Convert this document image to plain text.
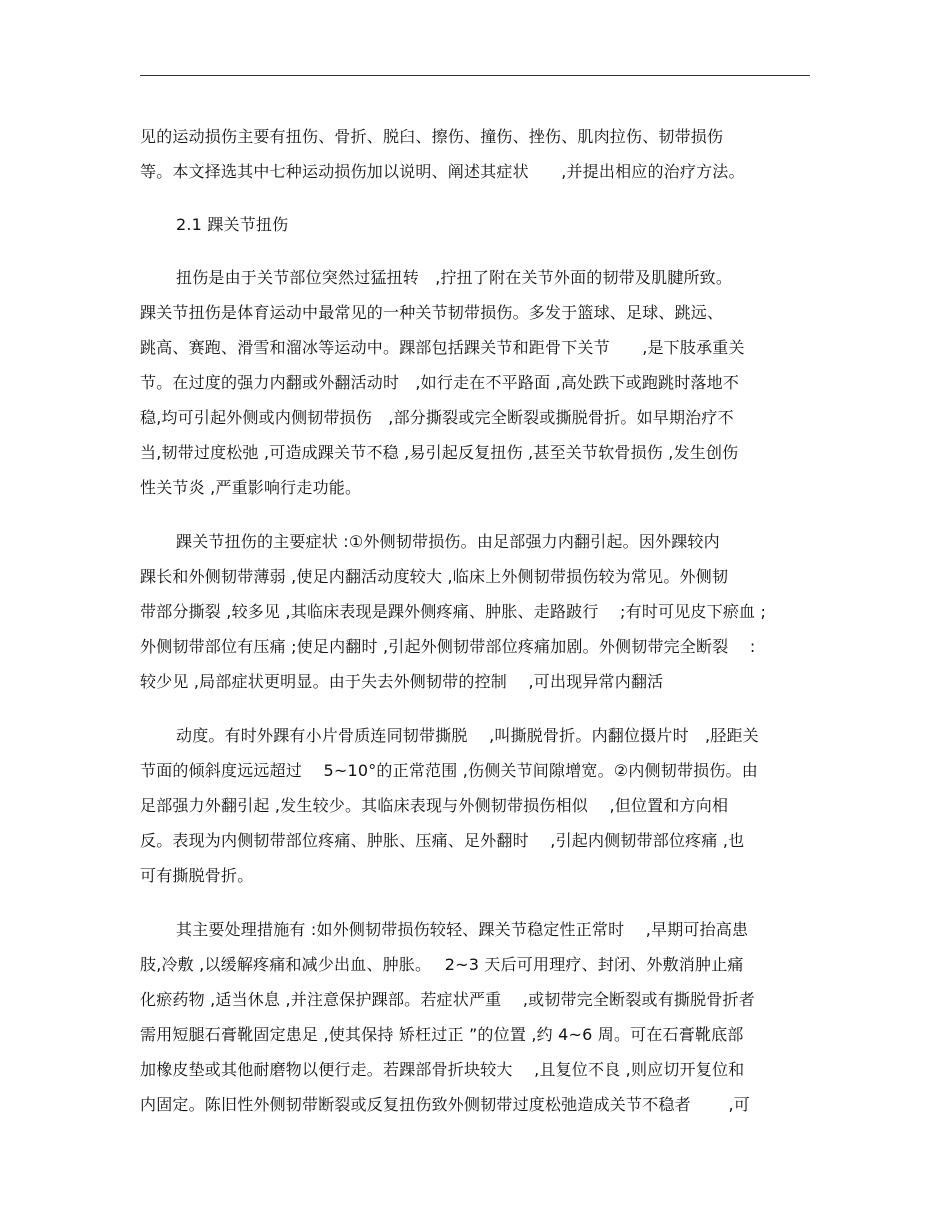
见的运动损伤主要有扭伤、骨折、脱臼、擦伤、撞伤、挫伤、肌肉拉伤、韧带损伤
等。本文择选其中七种运动损伤加以说明、阐述其症状　　,并提出相应的治疗方法。
2.1 踝关节扭伤
扭伤是由于关节部位突然过猛扭转　,拧扭了附在关节外面的韧带及肌腱所致。
踝关节扭伤是体育运动中最常见的一种关节韧带损伤。多发于篮球、足球、跳远、
跳高、赛跑、滑雪和溜冰等运动中。踝部包括踝关节和距骨下关节　　,是下肢承重关
节。在过度的强力内翻或外翻活动时　,如行走在不平路面 ,高处跌下或跑跳时落地不
稳,均可引起外侧或内侧韧带损伤　,部分撕裂或完全断裂或撕脱骨折。如早期治疗不
当,韧带过度松弛 ,可造成踝关节不稳 ,易引起反复扭伤 ,甚至关节软骨损伤 ,发生创伤
性关节炎 ,严重影响行走功能。
踝关节扭伤的主要症状 :①外侧韧带损伤。由足部强力内翻引起。因外踝较内
踝长和外侧韧带薄弱 ,使足内翻活动度较大 ,临床上外侧韧带损伤较为常见。外侧韧
带部分撕裂 ,较多见 ,其临床表现是踝外侧疼痛、肿胀、走路跛行　 ;有时可见皮下瘀血 ;
外侧韧带部位有压痛 ;使足内翻时 ,引起外侧韧带部位疼痛加剧。外侧韧带完全断裂　 :
较少见 ,局部症状更明显。由于失去外侧韧带的控制　 ,可出现异常内翻活
动度。有时外踝有小片骨质连同韧带撕脱　 ,叫撕脱骨折。内翻位摄片时　,胫距关
节面的倾斜度远远超过　 5~10°的正常范围 ,伤侧关节间隙增宽。②内侧韧带损伤。由
足部强力外翻引起 ,发生较少。其临床表现与外侧韧带损伤相似　 ,但位置和方向相
反。表现为内侧韧带部位疼痛、肿胀、压痛、足外翻时　 ,引起内侧韧带部位疼痛 ,也
可有撕脱骨折。
其主要处理措施有 :如外侧韧带损伤较轻、踝关节稳定性正常时　 ,早期可抬高患
肢,冷敷 ,以缓解疼痛和减少出血、肿胀。　 2~3 天后可用理疗、封闭、外敷消肿止痛
化瘀药物 ,适当休息 ,并注意保护踝部。若症状严重　 ,或韧带完全断裂或有撕脱骨折者
需用短腿石膏靴固定患足 ,使其保持 矫枉过正 ”的位置 ,约 4~6 周。可在石膏靴底部
加橡皮垫或其他耐磨物以便行走。若踝部骨折块较大　 ,且复位不良 ,则应切开复位和
内固定。陈旧性外侧韧带断裂或反复扭伤致外侧韧带过度松弛造成关节不稳者　　 ,可
